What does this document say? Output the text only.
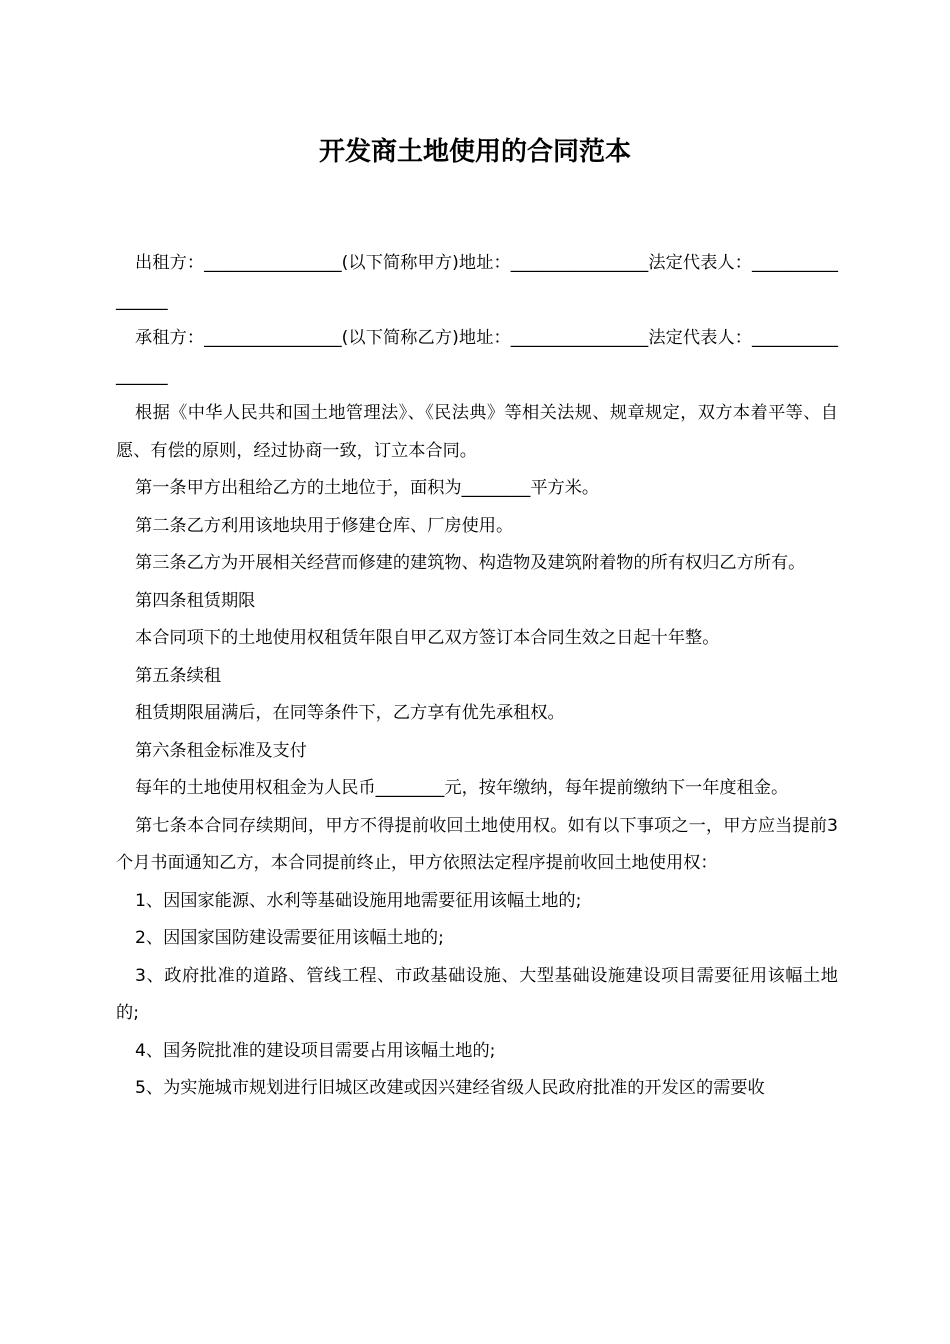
开发商土地使用的合同范本

出租方：________________(以下简称甲方)地址：________________法定代表人：________________

承租方：________________(以下简称乙方)地址：________________法定代表人：________________

根据《中华人民共和国土地管理法》、《民法典》等相关法规、规章规定，双方本着平等、自愿、有偿的原则，经过协商一致，订立本合同。

第一条甲方出租给乙方的土地位于，面积为________平方米。

第二条乙方利用该地块用于修建仓库、厂房使用。

第三条乙方为开展相关经营而修建的建筑物、构造物及建筑附着物的所有权归乙方所有。

第四条租赁期限

本合同项下的土地使用权租赁年限自甲乙双方签订本合同生效之日起十年整。

第五条续租

租赁期限届满后，在同等条件下，乙方享有优先承租权。

第六条租金标准及支付

每年的土地使用权租金为人民币________元，按年缴纳，每年提前缴纳下一年度租金。

第七条本合同存续期间，甲方不得提前收回土地使用权。如有以下事项之一，甲方应当提前3个月书面通知乙方，本合同提前终止，甲方依照法定程序提前收回土地使用权：

1、因国家能源、水利等基础设施用地需要征用该幅土地的;

2、因国家国防建设需要征用该幅土地的;

3、政府批准的道路、管线工程、市政基础设施、大型基础设施建设项目需要征用该幅土地的;

4、国务院批准的建设项目需要占用该幅土地的;

5、为实施城市规划进行旧城区改建或因兴建经省级人民政府批准的开发区的需要收
